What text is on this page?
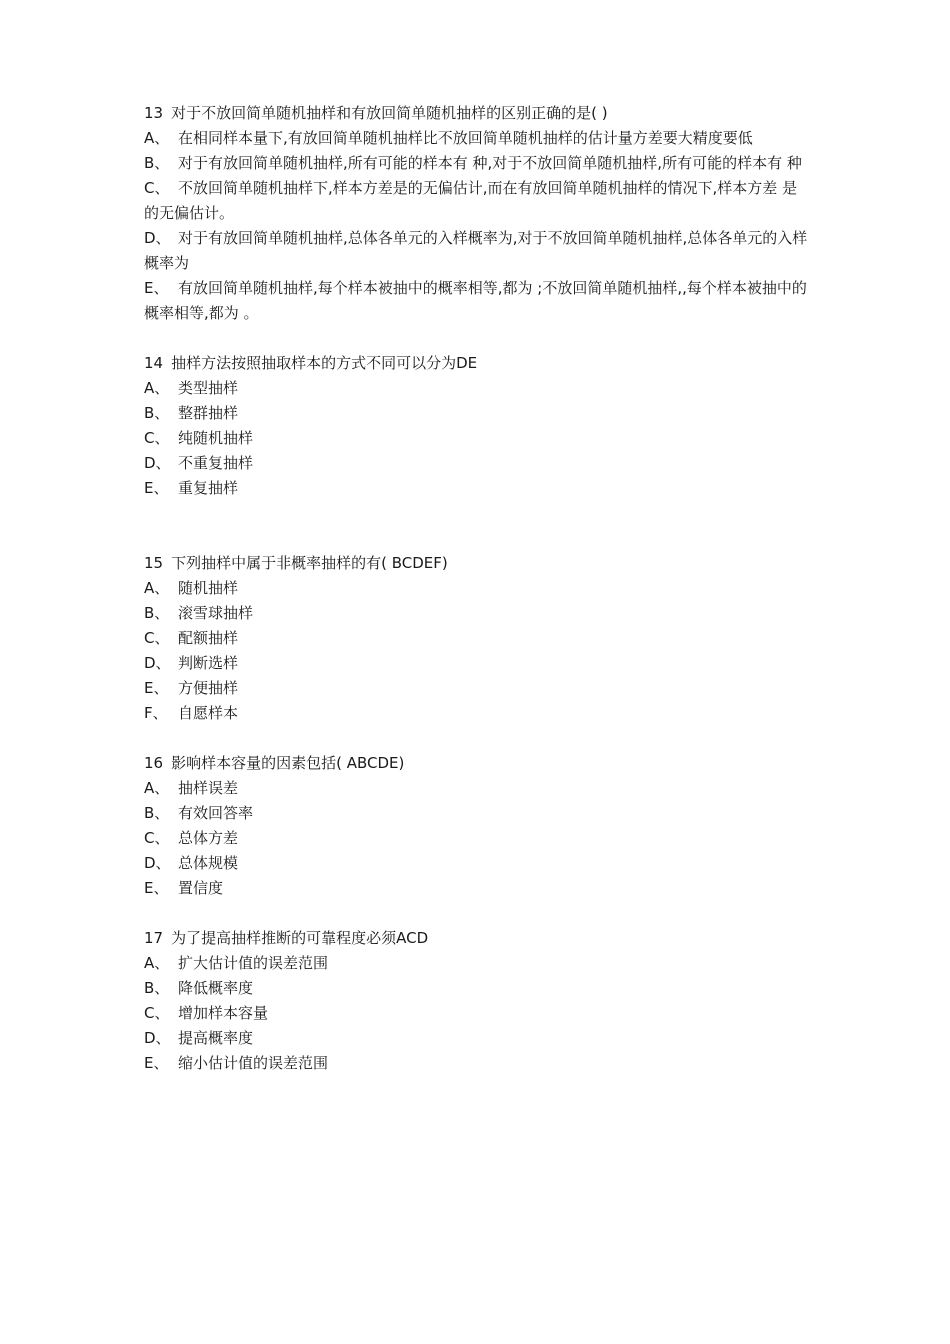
13 对于不放回简单随机抽样和有放回简单随机抽样的区别正确的是( )

A、 在相同样本量下,有放回简单随机抽样比不放回简单随机抽样的估计量方差要大精度要低

B、 对于有放回简单随机抽样,所有可能的样本有 种,对于不放回简单随机抽样,所有可能的样本有 种

C、 不放回简单随机抽样下,样本方差是的无偏估计,而在有放回简单随机抽样的情况下,样本方差 是 的无偏估计。

D、 对于有放回简单随机抽样,总体各单元的入样概率为,对于不放回简单随机抽样,总体各单元的入样概率为

E、 有放回简单随机抽样,每个样本被抽中的概率相等,都为 ;不放回简单随机抽样,,每个样本被抽中的概率相等,都为 。

14 抽样方法按照抽取样本的方式不同可以分为DE

A、 类型抽样

B、 整群抽样

C、 纯随机抽样

D、 不重复抽样

E、 重复抽样

15 下列抽样中属于非概率抽样的有( BCDEF)

A、 随机抽样

B、 滚雪球抽样

C、 配额抽样

D、 判断选样

E、 方便抽样

F、 自愿样本

16 影响样本容量的因素包括( ABCDE)

A、 抽样误差

B、 有效回答率

C、 总体方差

D、 总体规模

E、 置信度

17 为了提高抽样推断的可靠程度必须ACD

A、 扩大估计值的误差范围

B、 降低概率度

C、 增加样本容量

D、 提高概率度

E、 缩小估计值的误差范围
